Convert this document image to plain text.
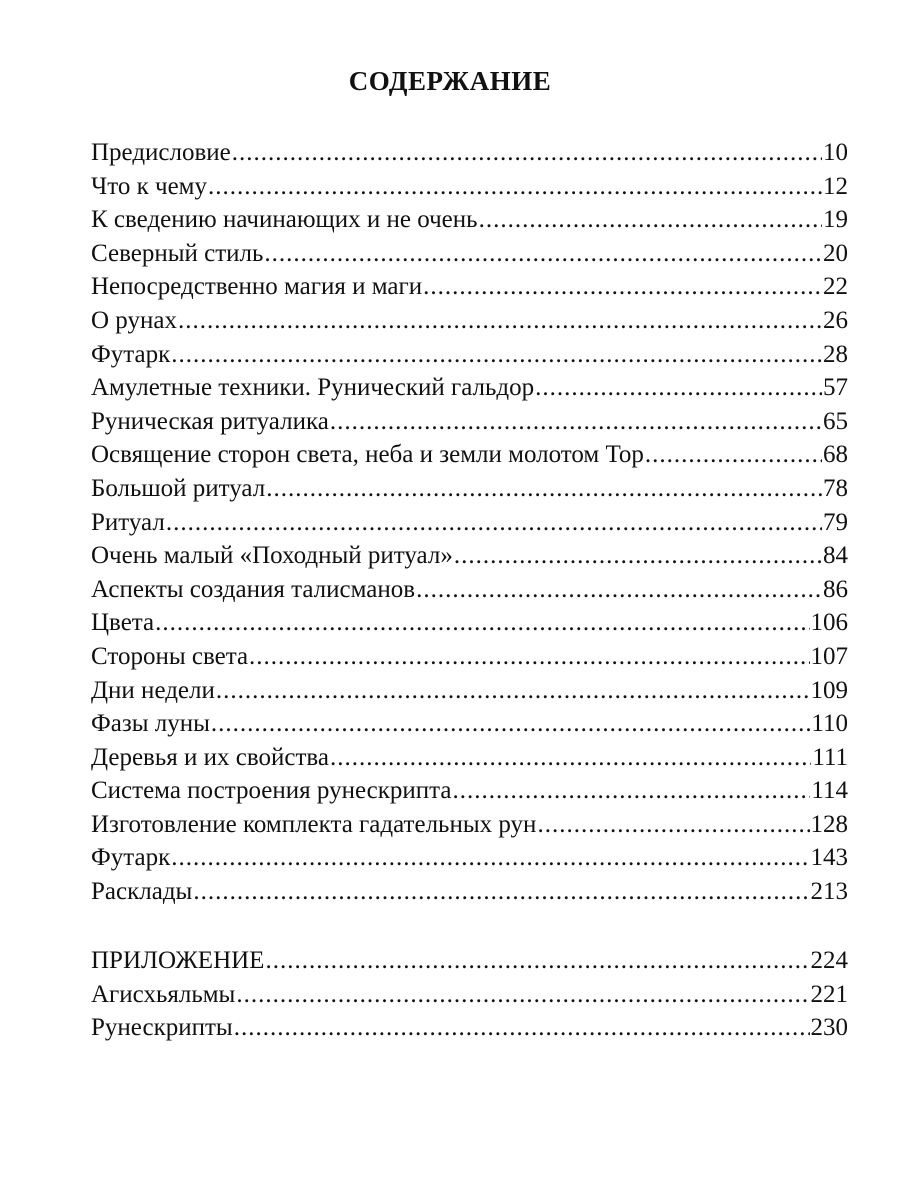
СОДЕРЖАНИЕ
Предисловие .....	10
Что к чему .....	12
К сведению начинающих и не очень .....	19
Северный стиль .....	20
Непосредственно магия и маги .....	22
О рунах .....	26
Футарк .....	28
Амулетные техники. Рунический гальдор .....	57
Руническая ритуалика .....	65
Освящение сторон света, неба и земли молотом Тор .....	68
Большой ритуал .....	78
Ритуал .....	79
Очень малый «Походный ритуал» .....	84
Аспекты создания талисманов .....	86
Цвета .....	106
Стороны света .....	107
Дни недели .....	109
Фазы луны .....	110
Деревья и их свойства .....	111
Система построения рунескрипта .....	114
Изготовление комплекта гадательных рун .....	128
Футарк .....	143
Расклады .....	213
ПРИЛОЖЕНИЕ .....	224
Агисхьяльмы .....	221
Рунескрипты .....	230
